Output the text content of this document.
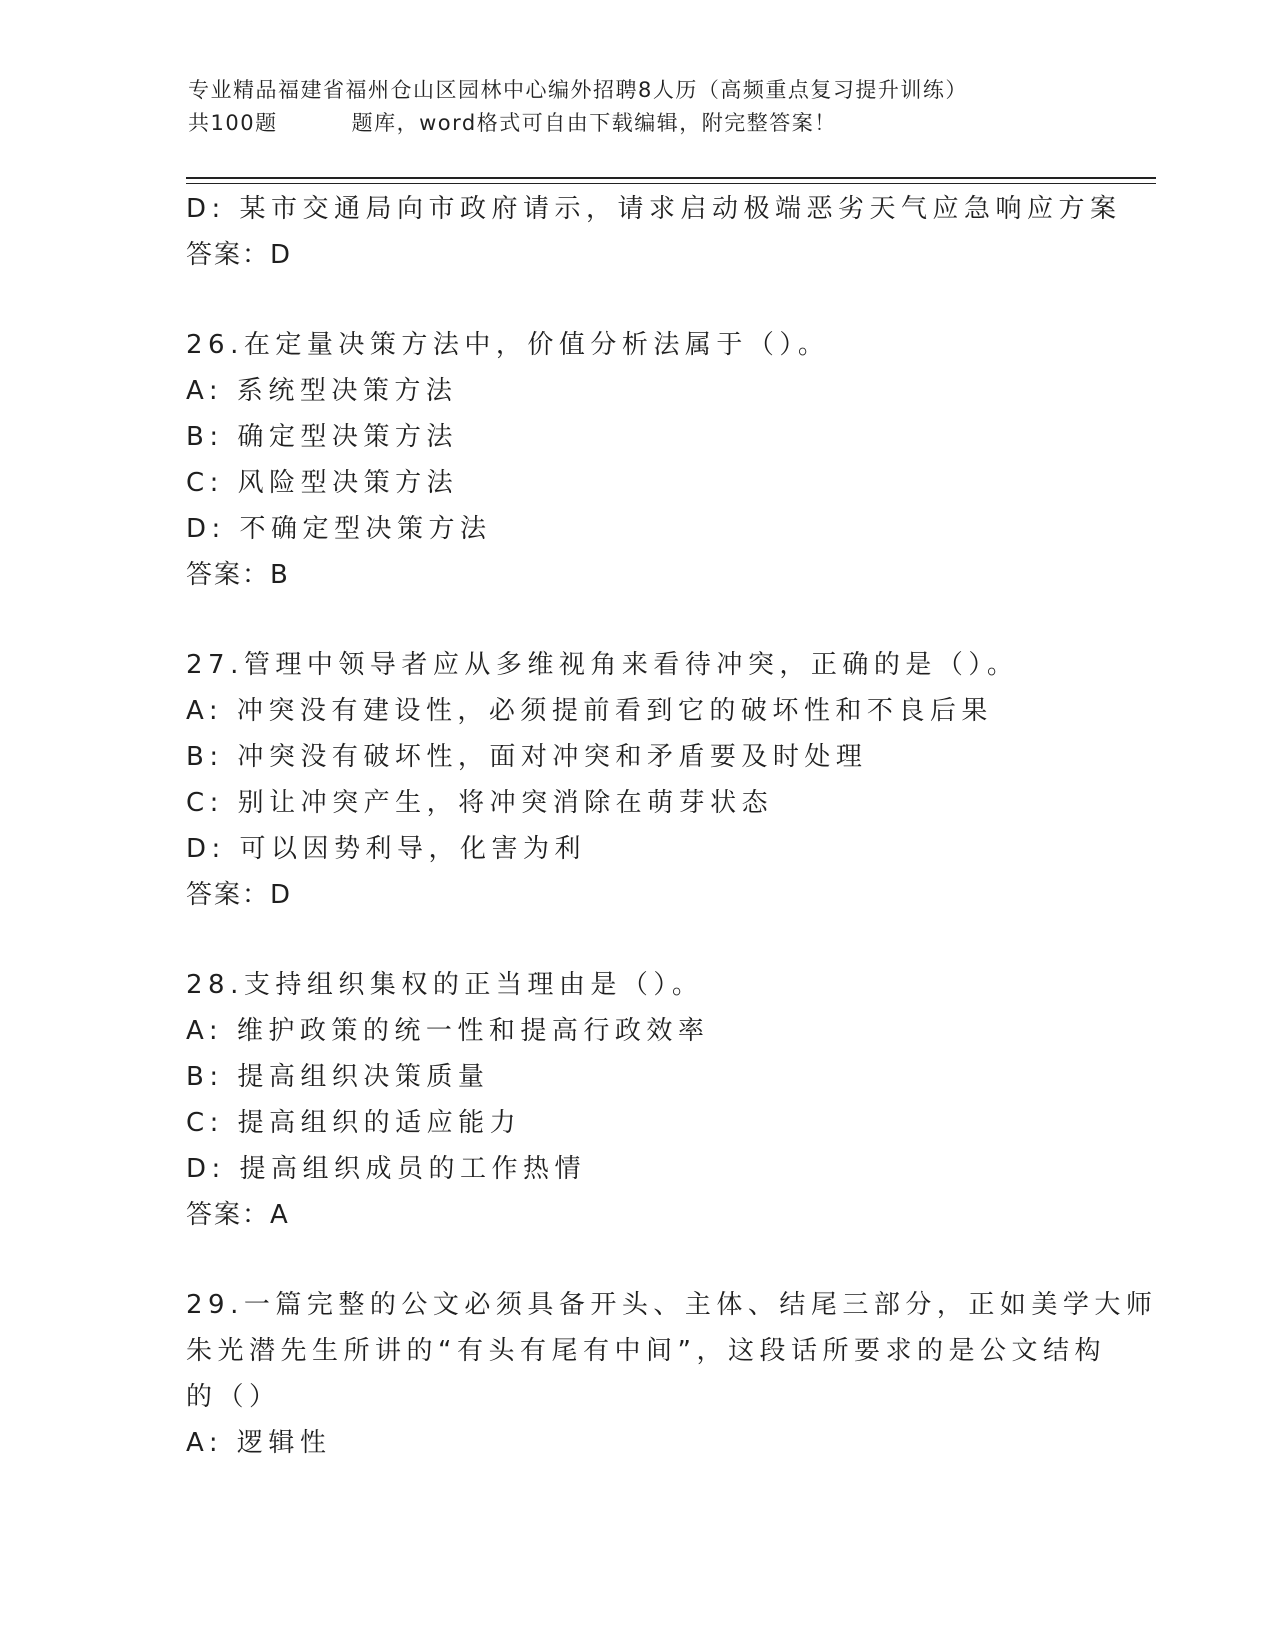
专业精品福建省福州仓山区园林中心编外招聘8人历（高频重点复习提升训练）
共100题	题库，word格式可自由下载编辑，附完整答案！
D: 某市交通局向市政府请示，请求启动极端恶劣天气应急响应方案
答案：D
26.在定量决策方法中，价值分析法属于（）。
A: 系统型决策方法
B: 确定型决策方法
C: 风险型决策方法
D: 不确定型决策方法
答案：B
27.管理中领导者应从多维视角来看待冲突，正确的是（）。
A: 冲突没有建设性，必须提前看到它的破坏性和不良后果
B: 冲突没有破坏性，面对冲突和矛盾要及时处理
C: 别让冲突产生，将冲突消除在萌芽状态
D: 可以因势利导，化害为利
答案：D
28.支持组织集权的正当理由是（）。
A: 维护政策的统一性和提高行政效率
B: 提高组织决策质量
C: 提高组织的适应能力
D: 提高组织成员的工作热情
答案：A
29.一篇完整的公文必须具备开头、主体、结尾三部分，正如美学大师
朱光潜先生所讲的“有头有尾有中间”，这段话所要求的是公文结构
的（）
A: 逻辑性
